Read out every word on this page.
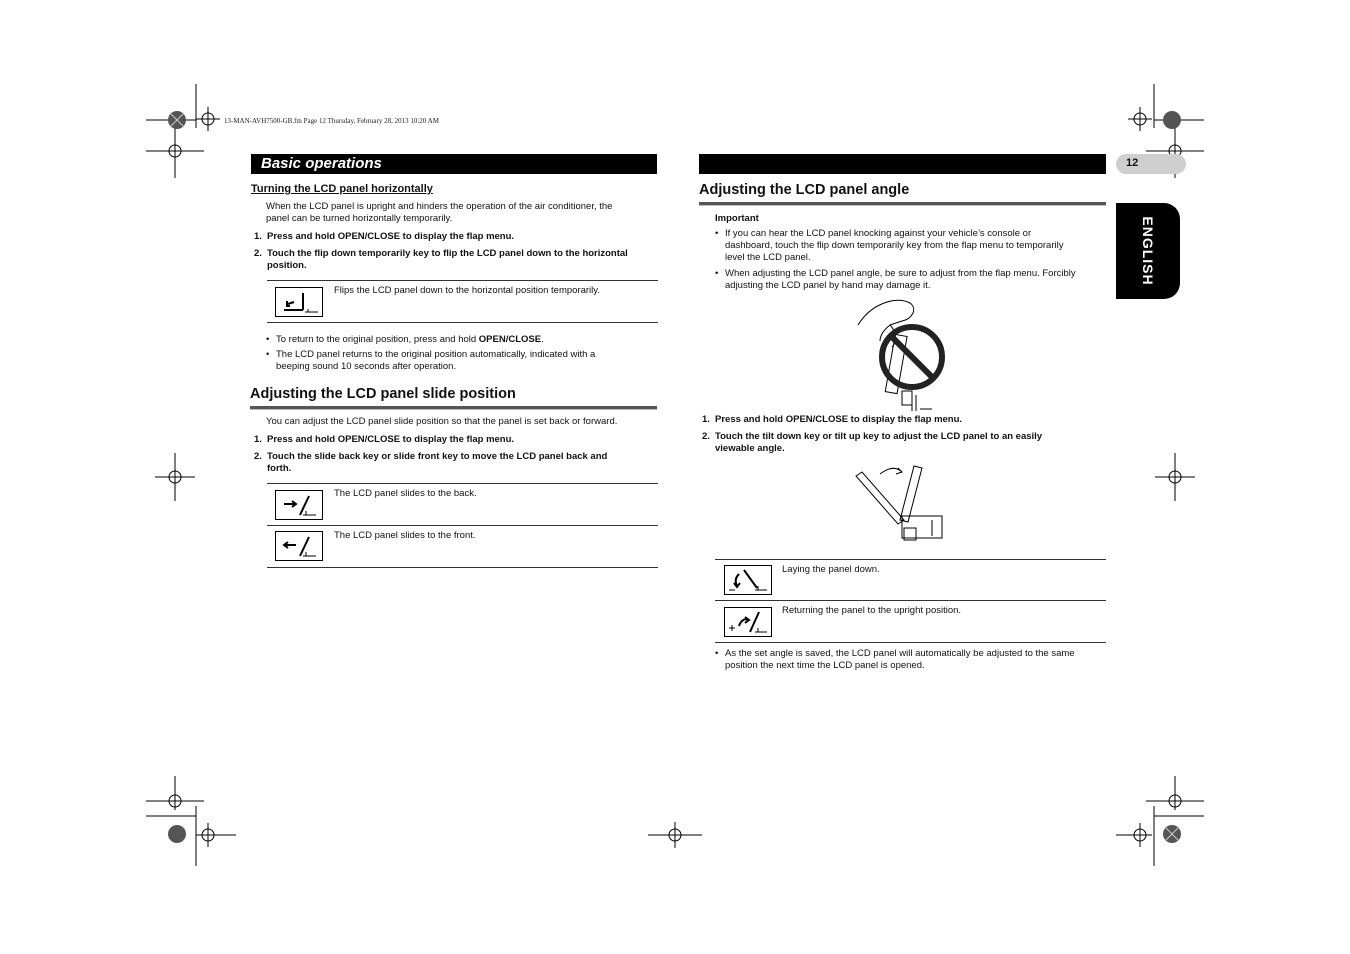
13-MAN-AVH7500-GB.fm Page 12 Thursday, February 28, 2013 10:20 AM
Basic operations	12
ENGLISH
Turning the LCD panel horizontally
When the LCD panel is upright and hinders the operation of the air conditioner, the
panel can be turned horizontally temporarily.
1. Press and hold OPEN/CLOSE to display the flap menu.
2. Touch the flip down temporarily key to flip the LCD panel down to the horizontal
position.
Flips the LCD panel down to the horizontal position temporarily.
• To return to the original position, press and hold OPEN/CLOSE.
• The LCD panel returns to the original position automatically, indicated with a
beeping sound 10 seconds after operation.
Adjusting the LCD panel slide position
You can adjust the LCD panel slide position so that the panel is set back or forward.
1. Press and hold OPEN/CLOSE to display the flap menu.
2. Touch the slide back key or slide front key to move the LCD panel back and
forth.
The LCD panel slides to the back.
The LCD panel slides to the front.
Adjusting the LCD panel angle
Important
• If you can hear the LCD panel knocking against your vehicle’s console or
dashboard, touch the flip down temporarily key from the flap menu to temporarily
level the LCD panel.
• When adjusting the LCD panel angle, be sure to adjust from the flap menu. Forcibly
adjusting the LCD panel by hand may damage it.
1. Press and hold OPEN/CLOSE to display the flap menu.
2. Touch the tilt down key or tilt up key to adjust the LCD panel to an easily
viewable angle.
Laying the panel down.
Returning the panel to the upright position.
• As the set angle is saved, the LCD panel will automatically be adjusted to the same
position the next time the LCD panel is opened.
